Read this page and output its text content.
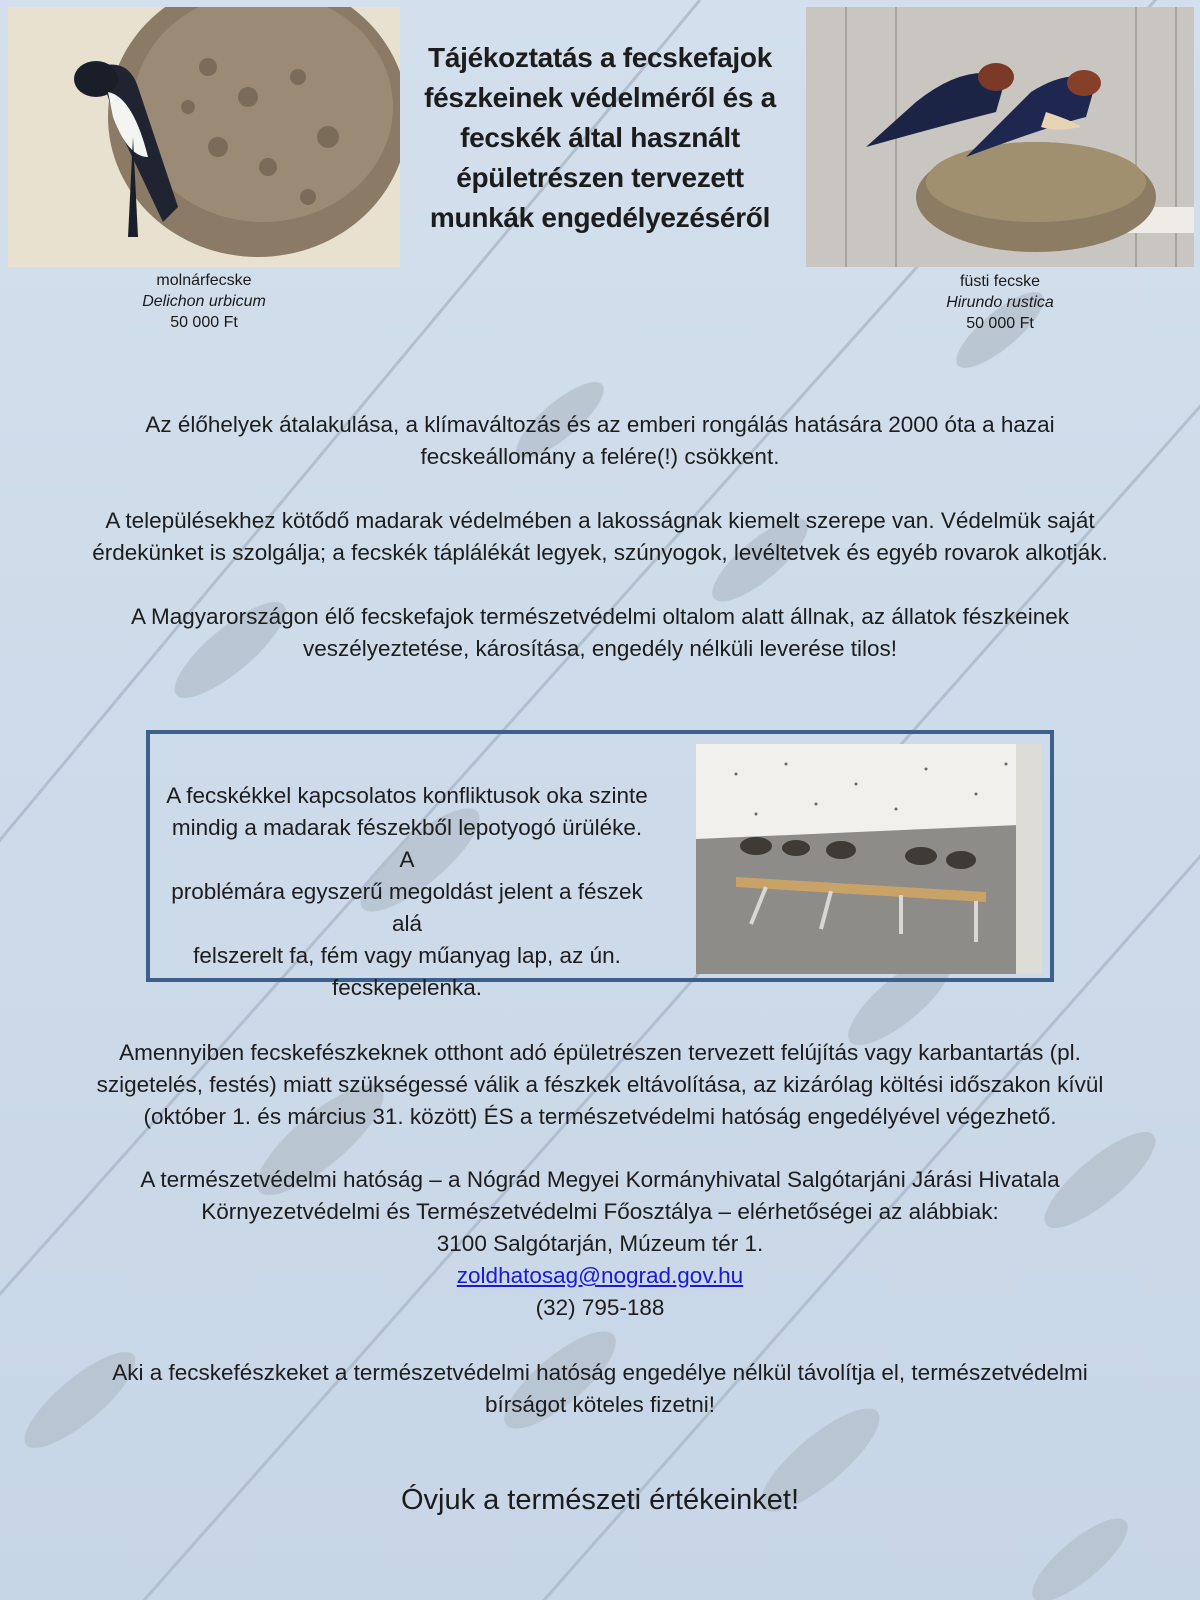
Tájékoztatás a fecskefajok
fészkeinek védelméről és a
fecskék által használt
épületrészen tervezett
munkák engedélyezéséről
molnárfecske
Delichon urbicum
50 000 Ft
füsti fecske
Hirundo rustica
50 000 Ft
Az élőhelyek átalakulása, a klímaváltozás és az emberi rongálás hatására 2000 óta a hazai
fecskeállomány a felére(!) csökkent.
A településekhez kötődő madarak védelmében a lakosságnak kiemelt szerepe van. Védelmük saját
érdekünket is szolgálja; a fecskék táplálékát legyek, szúnyogok, levéltetvek és egyéb rovarok alkotják.
A Magyarországon élő fecskefajok természetvédelmi oltalom alatt állnak, az állatok fészkeinek
veszélyeztetése, károsítása, engedély nélküli leverése tilos!
A fecskékkel kapcsolatos konfliktusok oka szinte
mindig a madarak fészekből lepotyogó ürüléke. A
problémára egyszerű megoldást jelent a fészek alá
felszerelt fa, fém vagy műanyag lap, az ún.
fecskepelenka.
Amennyiben fecskefészkeknek otthont adó épületrészen tervezett felújítás vagy karbantartás (pl.
szigetelés, festés) miatt szükségessé válik a fészkek eltávolítása, az kizárólag költési időszakon kívül
(október 1. és március 31. között) ÉS a természetvédelmi hatóság engedélyével végezhető.
A természetvédelmi hatóság – a Nógrád Megyei Kormányhivatal Salgótarjáni Járási Hivatala
Környezetvédelmi és Természetvédelmi Főosztálya – elérhetőségei az alábbiak:
3100 Salgótarján, Múzeum tér 1.
zoldhatosag@nograd.gov.hu
(32) 795-188
Aki a fecskefészkeket a természetvédelmi hatóság engedélye nélkül távolítja el, természetvédelmi
bírságot köteles fizetni!
Óvjuk a természeti értékeinket!
